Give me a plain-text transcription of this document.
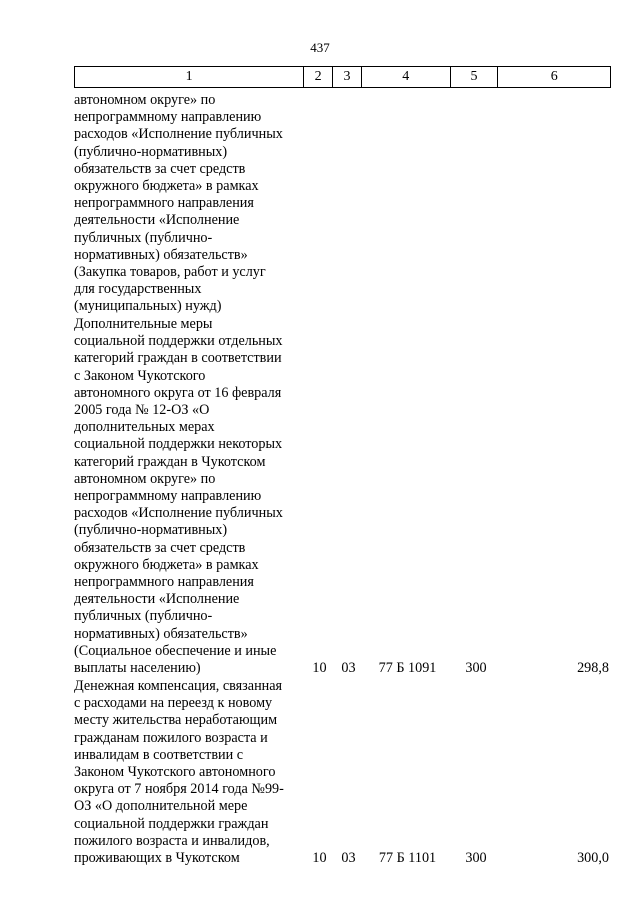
437
1	2	3	4	5	6
автономном округе» по
непрограммному направлению
расходов «Исполнение публичных
(публично-нормативных)
обязательств за счет средств
окружного бюджета» в рамках
непрограммного направления
деятельности «Исполнение
публичных (публично-
нормативных) обязательств»
(Закупка товаров, работ и услуг
для государственных
(муниципальных) нужд)
Дополнительные меры
социальной поддержки отдельных
категорий граждан в соответствии
с Законом Чукотского
автономного округа от 16 февраля
2005 года № 12-ОЗ «О
дополнительных мерах
социальной поддержки некоторых
категорий граждан в Чукотском
автономном округе» по
непрограммному направлению
расходов «Исполнение публичных
(публично-нормативных)
обязательств за счет средств
окружного бюджета» в рамках
непрограммного направления
деятельности «Исполнение
публичных (публично-
нормативных) обязательств»
(Социальное обеспечение и иные
выплаты населению)	10	03	77 Б 1091	300	298,8
Денежная компенсация, связанная
с расходами на переезд к новому
месту жительства неработающим
гражданам пожилого возраста и
инвалидам в соответствии с
Законом Чукотского автономного
округа от 7 ноября 2014 года №99-
ОЗ «О дополнительной мере
социальной поддержки граждан
пожилого возраста и инвалидов,
проживающих в Чукотском	10	03	77 Б 1101	300	300,0
